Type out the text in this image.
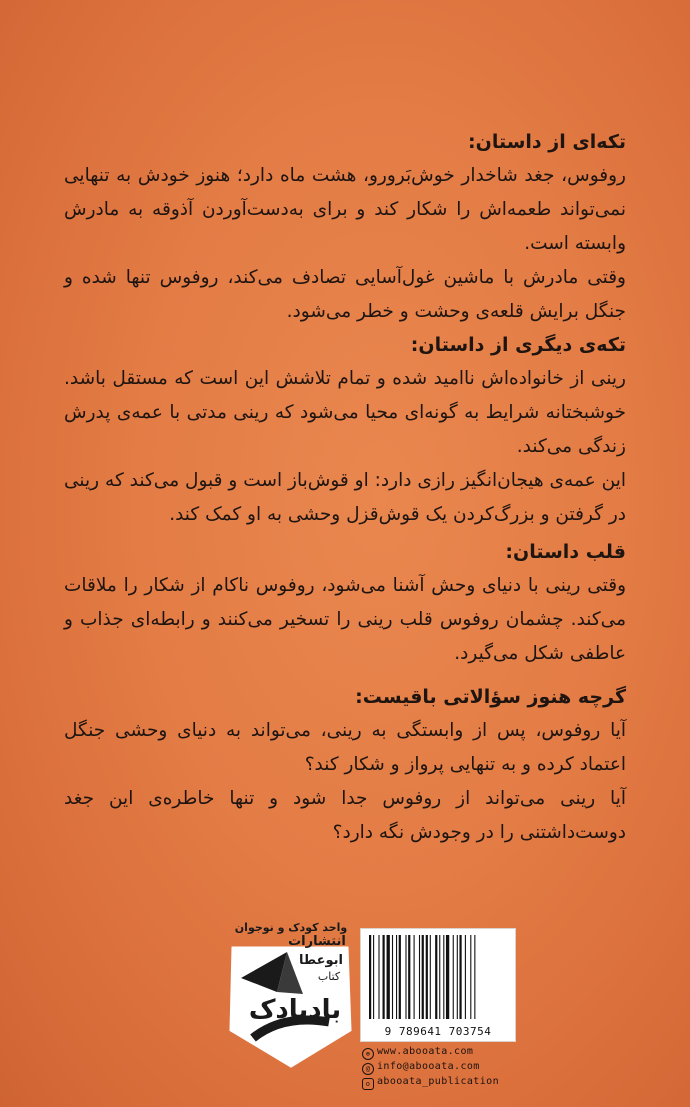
تکه‌ای از داستان:

روفوس، جغد شاخدار خوش‌بَرورو، هشت ماه دارد؛ هنوز خودش به تنهایی نمی‌تواند طعمه‌اش را شکار کند و برای به‌دست‌آوردن آذوقه به مادرش وابسته است.

وقتی مادرش با ماشین غول‌آسایی تصادف می‌کند، روفوس تنها شده و جنگل برایش قلعه‌ی وحشت و خطر می‌شود.

تکه‌ی دیگری از داستان:

رینی از خانواده‌اش ناامید شده و تمام تلاشش این است که مستقل باشد. خوشبختانه شرایط به گونه‌ای محیا می‌شود که رینی مدتی با عمه‌ی پدرش زندگی می‌کند.

این عمه‌ی هیجان‌انگیز رازی دارد: او قوش‌باز است و قبول می‌کند که رینی در گرفتن و بزرگ‌کردن یک قوش‌قزل وحشی به او کمک کند.

قلب داستان:

وقتی رینی با دنیای وحش آشنا می‌شود، روفوس ناکام از شکار را ملاقات می‌کند. چشمان روفوس قلب رینی را تسخیر می‌کنند و رابطه‌ای جذاب و عاطفی شکل می‌گیرد.

گرچه هنوز سؤالاتی باقیست:

آیا روفوس، پس از وابستگی به رینی، می‌تواند به دنیای وحشی جنگل اعتماد کرده و به تنهایی پرواز و شکار کند؟

آیا رینی می‌تواند از روفوس جدا شود و تنها خاطره‌ی این جغد دوست‌داشتنی را در وجودش نگه دارد؟

واحد کودک و نوجوان
انتشارات
ابوعطا
کتاب
بادبادک
9 789641 703754
⊕ www.abooata.com
@ info@abooata.com
o abooata_publication
